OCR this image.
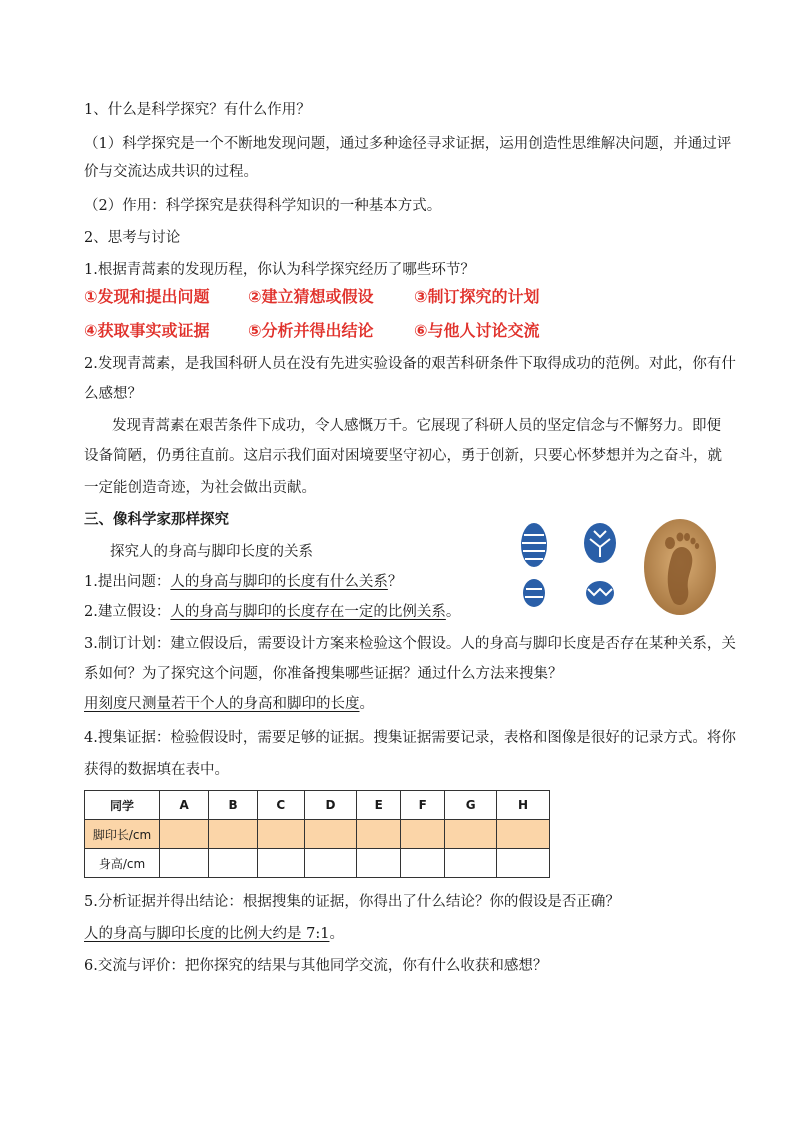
1、什么是科学探究？有什么作用？
（1）科学探究是一个不断地发现问题，通过多种途径寻求证据，运用创造性思维解决问题，并通过评
价与交流达成共识的过程。
（2）作用：科学探究是获得科学知识的一种基本方式。
2、思考与讨论
1.根据青蒿素的发现历程，你认为科学探究经历了哪些环节？
①发现和提出问题 ②建立猜想或假设	③制订探究的计划
④获取事实或证据 ⑤分析并得出结论	⑥与他人讨论交流
2.发现青蒿素，是我国科研人员在没有先进实验设备的艰苦科研条件下取得成功的范例。对此，你有什
么感想？
发现青蒿素在艰苦条件下成功，令人感慨万千。它展现了科研人员的坚定信念与不懈努力。即便
设备简陋，仍勇往直前。这启示我们面对困境要坚守初心，勇于创新，只要心怀梦想并为之奋斗，就
一定能创造奇迹，为社会做出贡献。
三、像科学家那样探究
探究人的身高与脚印长度的关系
1.提出问题：人的身高与脚印的长度有什么关系？
2.建立假设：人的身高与脚印的长度存在一定的比例关系。
3.制订计划：建立假设后，需要设计方案来检验这个假设。人的身高与脚印长度是否存在某种关系，关
系如何？为了探究这个问题，你准备搜集哪些证据？通过什么方法来搜集？
用刻度尺测量若干个人的身高和脚印的长度。
4.搜集证据：检验假设时，需要足够的证据。搜集证据需要记录，表格和图像是很好的记录方式。将你
获得的数据填在表中。
同学	A	B	C	D	E	F	G	H
脚印长/cm								
身高/cm								
5.分析证据并得出结论：根据搜集的证据，你得出了什么结论？你的假设是否正确？
人的身高与脚印长度的比例大约是 7:1。
6.交流与评价：把你探究的结果与其他同学交流，你有什么收获和感想？
